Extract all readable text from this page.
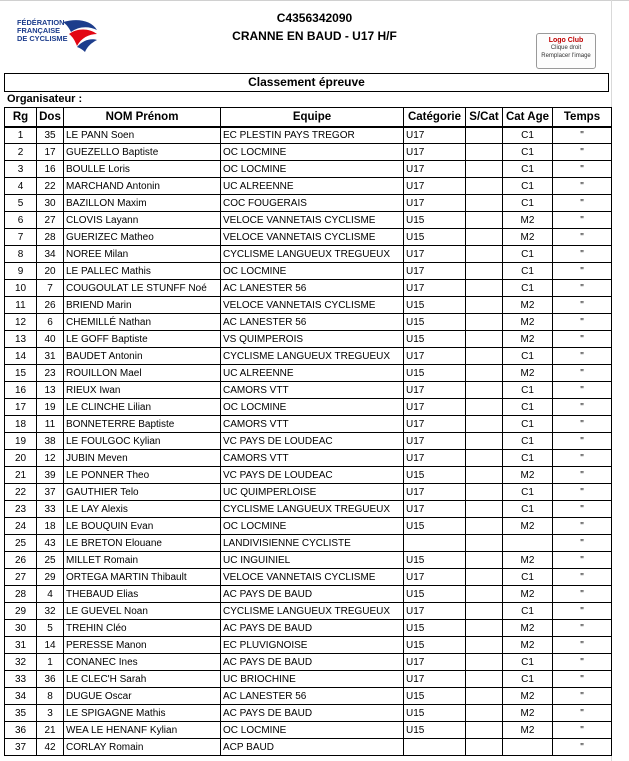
FÉDÉRATION
FRANÇAISE
DE CYCLISME
C4356342090
CRANNE EN BAUD - U17 H/F	Logo Club
Clique droit
Remplacer l'image
Classement épreuve
Organisateur :
Rg	Dos	NOM Prénom	Equipe	Catégorie	S/Cat	Cat Age	Temps
1	35	LE PANN Soen	EC PLESTIN PAYS TREGOR	U17		C1	"
2	17	GUEZELLO Baptiste	OC LOCMINE	U17		C1	"
3	16	BOULLE Loris	OC LOCMINE	U17		C1	"
4	22	MARCHAND Antonin	UC ALREENNE	U17		C1	"
5	30	BAZILLON Maxim	COC FOUGERAIS	U17		C1	"
6	27	CLOVIS Layann	VELOCE VANNETAIS CYCLISME	U15		M2	"
7	28	GUERIZEC Matheo	VELOCE VANNETAIS CYCLISME	U15		M2	"
8	34	NOREE Milan	CYCLISME LANGUEUX TREGUEUX	U17		C1	"
9	20	LE PALLEC Mathis	OC LOCMINE	U17		C1	"
10	7	COUGOULAT LE STUNFF Noé	AC LANESTER 56	U17		C1	"
11	26	BRIEND Marin	VELOCE VANNETAIS CYCLISME	U15		M2	"
12	6	CHEMILLÉ Nathan	AC LANESTER 56	U15		M2	"
13	40	LE GOFF Baptiste	VS QUIMPEROIS	U15		M2	"
14	31	BAUDET Antonin	CYCLISME LANGUEUX TREGUEUX	U17		C1	"
15	23	ROUILLON Mael	UC ALREENNE	U15		M2	"
16	13	RIEUX Iwan	CAMORS VTT	U17		C1	"
17	19	LE CLINCHE Lilian	OC LOCMINE	U17		C1	"
18	11	BONNETERRE Baptiste	CAMORS VTT	U17		C1	"
19	38	LE FOULGOC Kylian	VC PAYS DE LOUDEAC	U17		C1	"
20	12	JUBIN Meven	CAMORS VTT	U17		C1	"
21	39	LE PONNER Theo	VC PAYS DE LOUDEAC	U15		M2	"
22	37	GAUTHIER Telo	UC QUIMPERLOISE	U17		C1	"
23	33	LE LAY Alexis	CYCLISME LANGUEUX TREGUEUX	U17		C1	"
24	18	LE BOUQUIN Evan	OC LOCMINE	U15		M2	"
25	43	LE BRETON Elouane	LANDIVISIENNE CYCLISTE				"
26	25	MILLET Romain	UC INGUINIEL	U15		M2	"
27	29	ORTEGA MARTIN Thibault	VELOCE VANNETAIS CYCLISME	U17		C1	"
28	4	THEBAUD Elias	AC PAYS DE BAUD	U15		M2	"
29	32	LE GUEVEL Noan	CYCLISME LANGUEUX TREGUEUX	U17		C1	"
30	5	TREHIN Cléo	AC PAYS DE BAUD	U15		M2	"
31	14	PERESSE Manon	EC PLUVIGNOISE	U15		M2	"
32	1	CONANEC Ines	AC PAYS DE BAUD	U17		C1	"
33	36	LE CLEC'H Sarah	UC BRIOCHINE	U17		C1	"
34	8	DUGUE Oscar	AC LANESTER 56	U15		M2	"
35	3	LE SPIGAGNE Mathis	AC PAYS DE BAUD	U15		M2	"
36	21	WEA LE HENANF Kylian	OC LOCMINE	U15		M2	"
37	42	CORLAY Romain	ACP BAUD				"
